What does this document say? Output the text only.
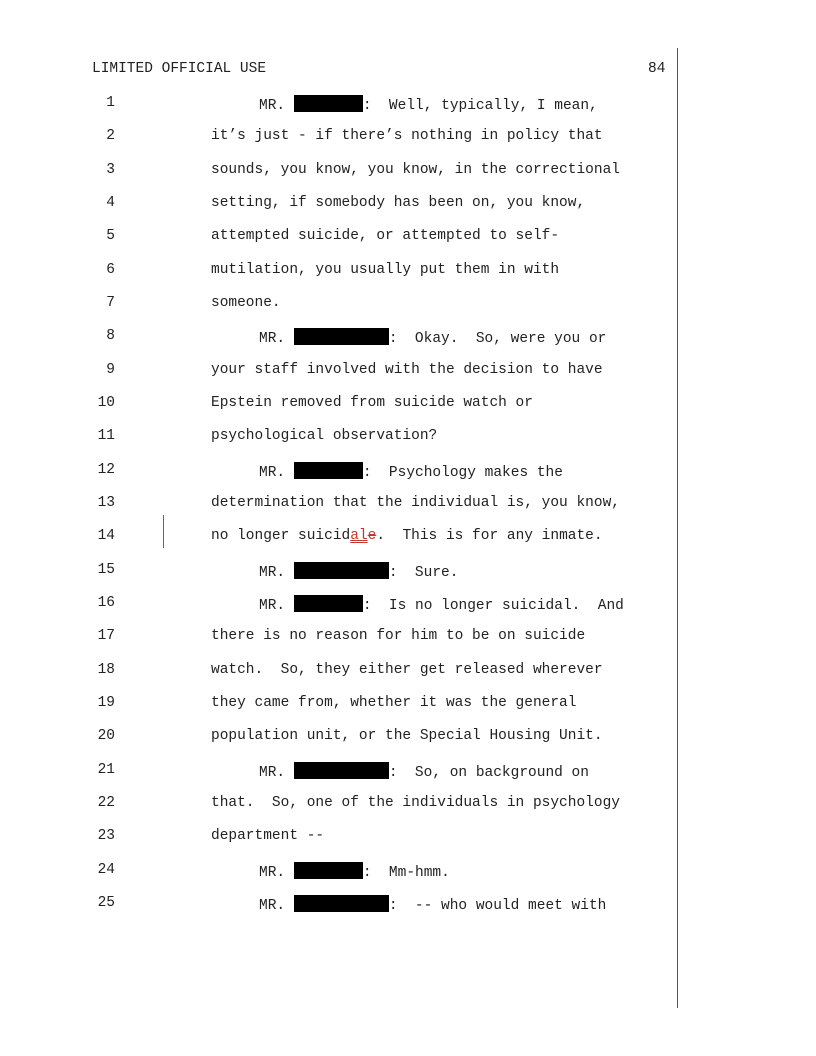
LIMITED OFFICIAL USE	84
1	MR.	:  Well, typically, I mean,
2	it’s just - if there’s nothing in policy that
3	sounds, you know, you know, in the correctional
4	setting, if somebody has been on, you know,
5	attempted suicide, or attempted to self-
6	mutilation, you usually put them in with
7	someone.
8	MR.	:  Okay.  So, were you or
9	your staff involved with the decision to have
10	Epstein removed from suicide watch or
11	psychological observation?
12	MR.	:  Psychology makes the
13	determination that the individual is, you know,
14	no longer suicidale.  This is for any inmate.
15	MR.	:  Sure.
16	MR.	:  Is no longer suicidal.  And
17	there is no reason for him to be on suicide
18	watch.  So, they either get released wherever
19	they came from, whether it was the general
20	population unit, or the Special Housing Unit.
21	MR.	:  So, on background on
22	that.  So, one of the individuals in psychology
23	department --
24	MR.	:  Mm-hmm.
25	MR.	:  -- who would meet with
